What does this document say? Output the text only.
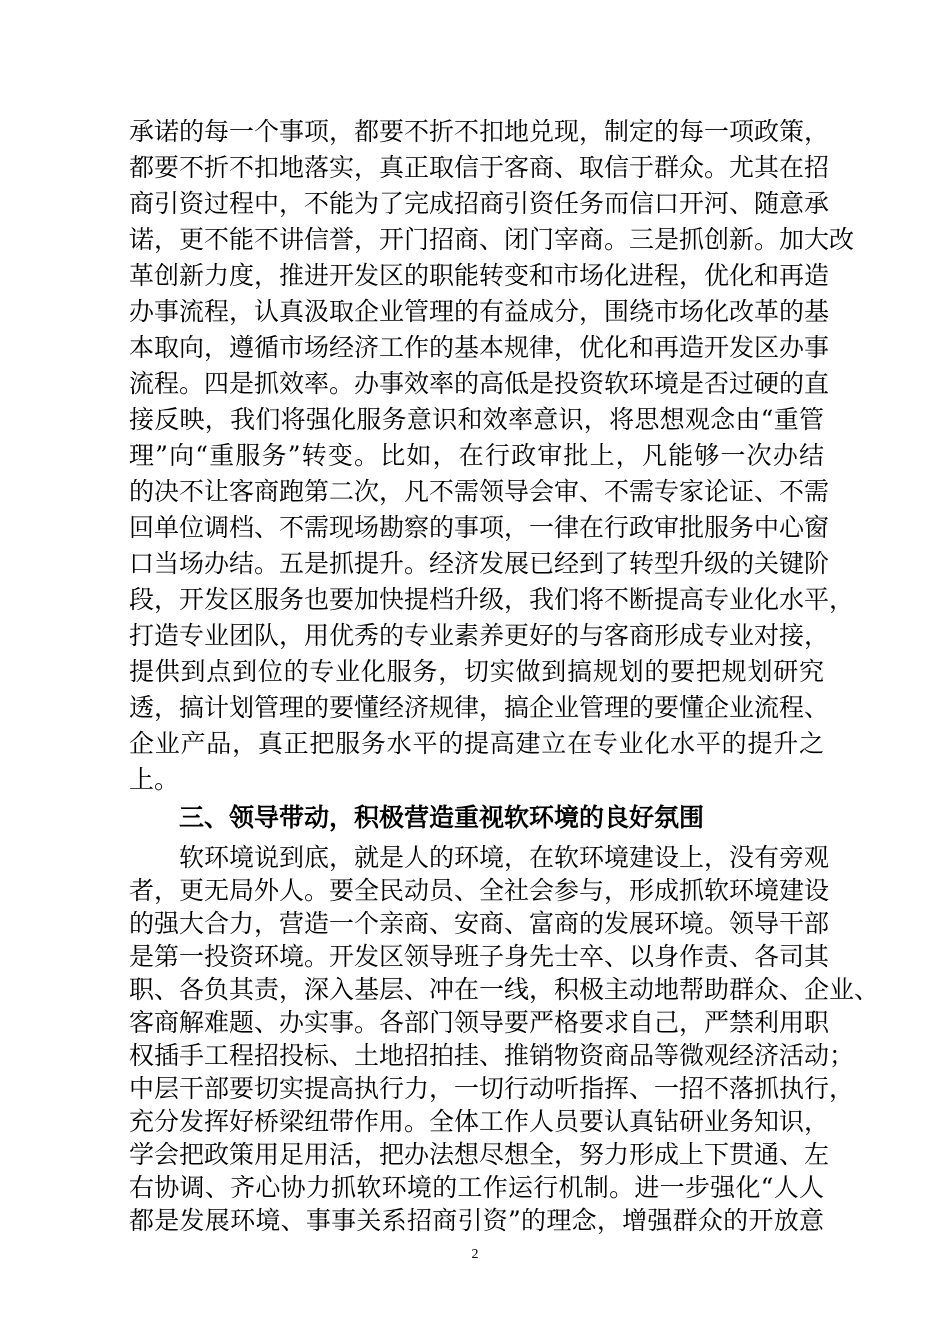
承诺的每一个事项，都要不折不扣地兑现，制定的每一项政策，
都要不折不扣地落实，真正取信于客商、取信于群众。尤其在招
商引资过程中，不能为了完成招商引资任务而信口开河、随意承
诺，更不能不讲信誉，开门招商、闭门宰商。三是抓创新。加大改
革创新力度，推进开发区的职能转变和市场化进程，优化和再造
办事流程，认真汲取企业管理的有益成分，围绕市场化改革的基
本取向，遵循市场经济工作的基本规律，优化和再造开发区办事
流程。四是抓效率。办事效率的高低是投资软环境是否过硬的直
接反映，我们将强化服务意识和效率意识，将思想观念由“重管
理”向“重服务”转变。比如，在行政审批上，凡能够一次办结
的决不让客商跑第二次，凡不需领导会审、不需专家论证、不需
回单位调档、不需现场勘察的事项，一律在行政审批服务中心窗
口当场办结。五是抓提升。经济发展已经到了转型升级的关键阶
段，开发区服务也要加快提档升级，我们将不断提高专业化水平，
打造专业团队，用优秀的专业素养更好的与客商形成专业对接，
提供到点到位的专业化服务，切实做到搞规划的要把规划研究
透，搞计划管理的要懂经济规律，搞企业管理的要懂企业流程、
企业产品，真正把服务水平的提高建立在专业化水平的提升之
上。
三、领导带动，积极营造重视软环境的良好氛围
软环境说到底，就是人的环境，在软环境建设上，没有旁观
者，更无局外人。要全民动员、全社会参与，形成抓软环境建设
的强大合力，营造一个亲商、安商、富商的发展环境。领导干部
是第一投资环境。开发区领导班子身先士卒、以身作责、各司其
职、各负其责，深入基层、冲在一线，积极主动地帮助群众、企业、
客商解难题、办实事。各部门领导要严格要求自己，严禁利用职
权插手工程招投标、土地招拍挂、推销物资商品等微观经济活动；
中层干部要切实提高执行力，一切行动听指挥、一招不落抓执行，
充分发挥好桥梁纽带作用。全体工作人员要认真钻研业务知识，
学会把政策用足用活，把办法想尽想全，努力形成上下贯通、左
右协调、齐心协力抓软环境的工作运行机制。进一步强化“人人
都是发展环境、事事关系招商引资”的理念，增强群众的开放意
2
